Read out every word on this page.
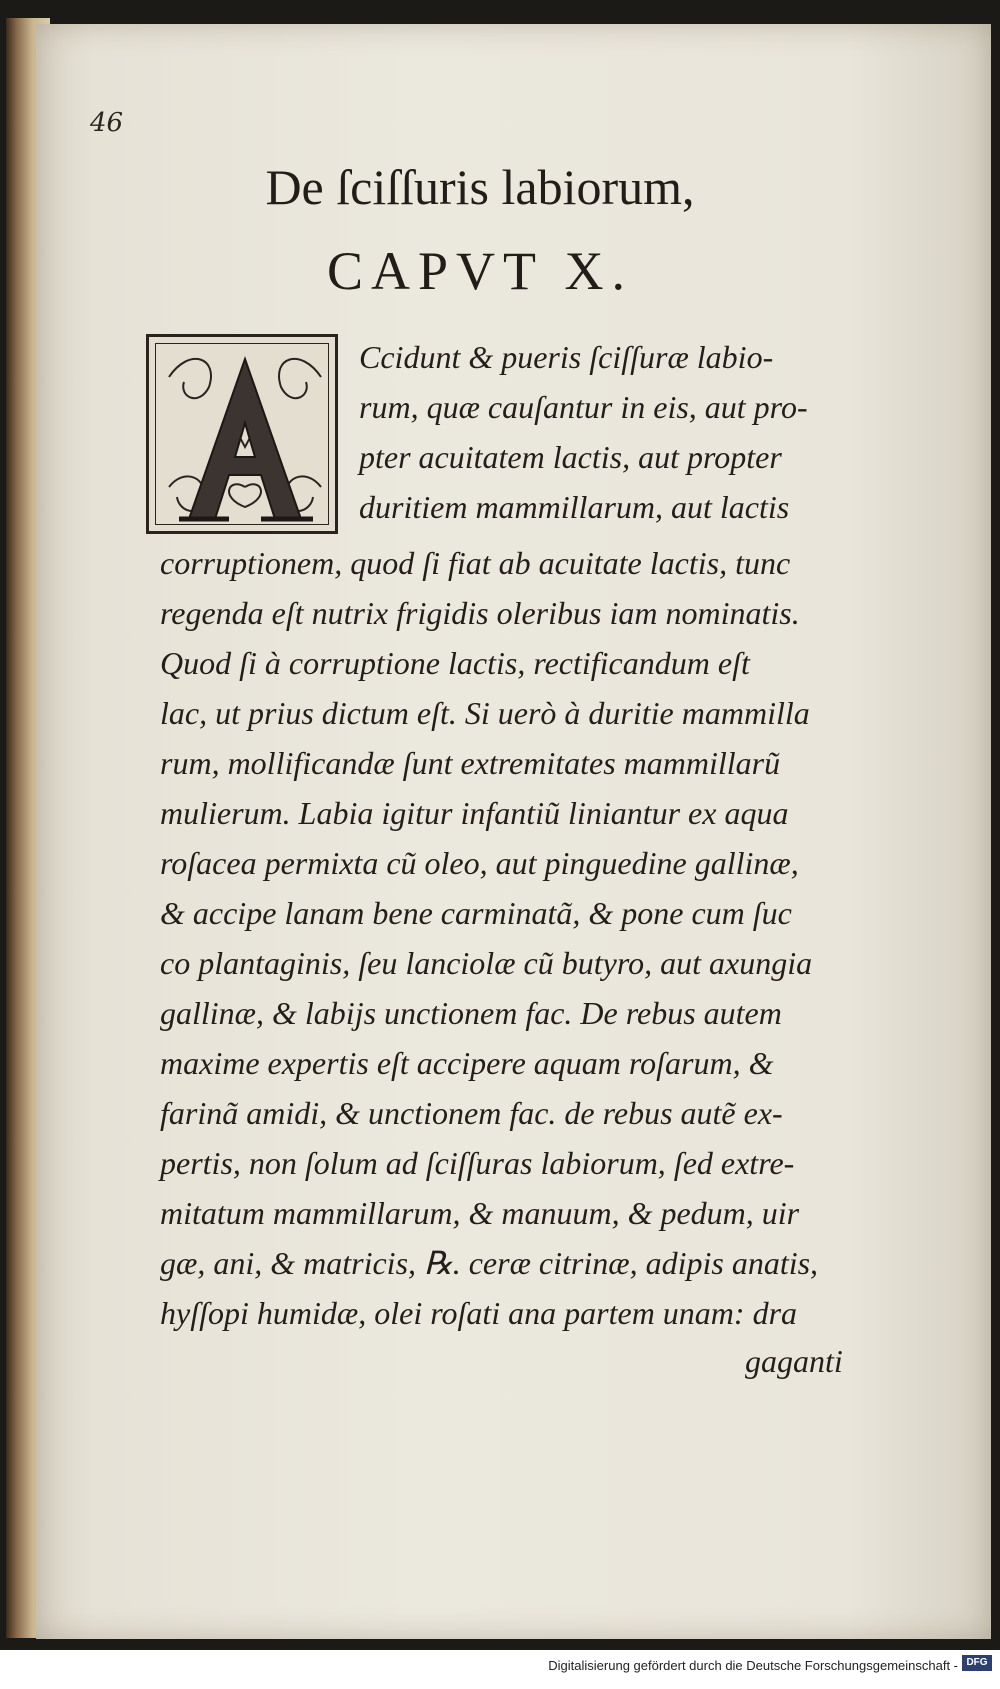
46
De ſciſſuris labiorum,
CAPVT X.
Ccidunt & pueris ſciſſuræ labio-
rum, quæ cauſantur in eis, aut pro-
pter acuitatem lactis, aut propter
duritiem mammillarum, aut lactis
corruptionem, quod ſi fiat ab acuitate lactis, tunc
regenda eſt nutrix frigidis oleribus iam nominatis.
Quod ſi à corruptione lactis, rectificandum eſt
lac, ut prius dictum eſt. Si uerò à duritie mammilla
rum, mollificandæ ſunt extremitates mammillarũ
mulierum. Labia igitur infantiũ liniantur ex aqua
roſacea permixta cũ oleo, aut pinguedine gallinæ,
& accipe lanam bene carminatã, & pone cum ſuc
co plantaginis, ſeu lanciolæ cũ butyro, aut axungia
gallinæ, & labijs unctionem fac. De rebus autem
maxime expertis eſt accipere aquam roſarum, &
farinã amidi, & unctionem fac. de rebus autẽ ex-
pertis, non ſolum ad ſciſſuras labiorum, ſed extre-
mitatum mammillarum, & manuum, & pedum, uir
gæ, ani, & matricis, ℞. ceræ citrinæ, adipis anatis,
hyſſopi humidæ, olei roſati ana partem unam: dra
gaganti
Digitalisierung gefördert durch die Deutsche Forschungsgemeinschaft - DFG
